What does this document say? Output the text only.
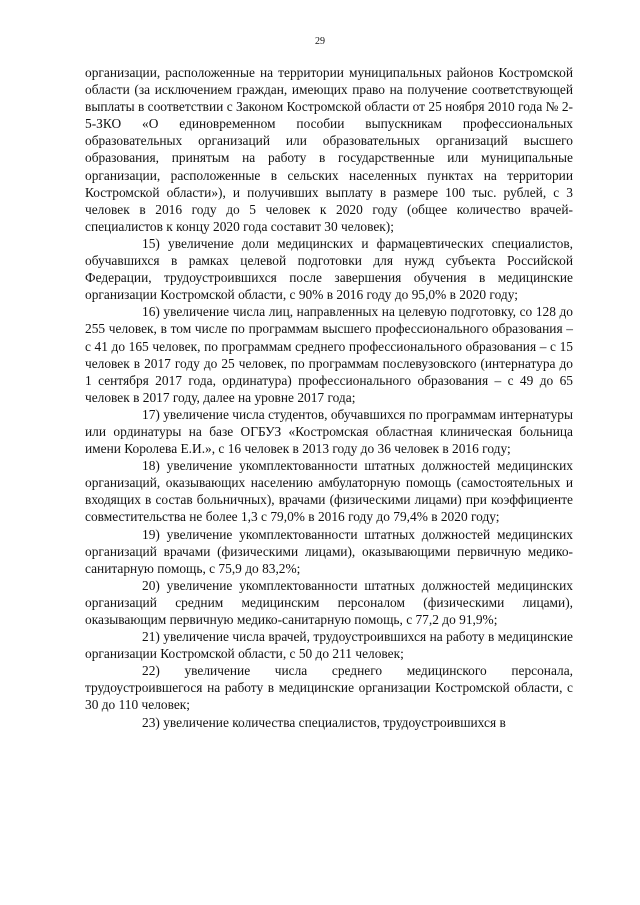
29

организации, расположенные на территории муниципальных районов Костромской области (за исключением граждан, имеющих право на получение соответствующей выплаты в соответствии с Законом Костромской области от 25 ноября 2010 года № 2-5-ЗКО «О единовременном пособии выпускникам профессиональных образовательных организаций или образовательных организаций высшего образования, принятым на работу в государственные или муниципальные организации, расположенные в сельских населенных пунктах на территории Костромской области»), и получивших выплату в размере 100 тыс. рублей, с 3 человек в 2016 году до 5 человек к 2020 году (общее количество врачей-специалистов к концу 2020 года составит 30 человек);

15) увеличение доли медицинских и фармацевтических специалистов, обучавшихся в рамках целевой подготовки для нужд субъекта Российской Федерации, трудоустроившихся после завершения обучения в медицинские организации Костромской области, с 90% в 2016 году до 95,0% в 2020 году;

16) увеличение числа лиц, направленных на целевую подготовку, со 128 до 255 человек, в том числе по программам высшего профессионального образования – с 41 до 165 человек, по программам среднего профессионального образования – с 15 человек в 2017 году до 25 человек, по программам послевузовского (интернатура до 1 сентября 2017 года, ординатура) профессионального образования – с 49 до 65 человек в 2017 году, далее на уровне 2017 года;

17) увеличение числа студентов, обучавшихся по программам интернатуры или ординатуры на базе ОГБУЗ «Костромская областная клиническая больница имени Королева Е.И.», с 16 человек в 2013 году до 36 человек в 2016 году;

18) увеличение укомплектованности штатных должностей медицинских организаций, оказывающих населению амбулаторную помощь (самостоятельных и входящих в состав больничных), врачами (физическими лицами) при коэффициенте совместительства не более 1,3 с 79,0% в 2016 году до 79,4% в 2020 году;

19) увеличение укомплектованности штатных должностей медицинских организаций врачами (физическими лицами), оказывающими первичную медико-санитарную помощь, с 75,9 до 83,2%;

20) увеличение укомплектованности штатных должностей медицинских организаций средним медицинским персоналом (физическими лицами), оказывающим первичную медико-санитарную помощь, с 77,2 до 91,9%;

21) увеличение числа врачей, трудоустроившихся на работу в медицинские организации Костромской области, с 50 до 211 человек;

22) увеличение числа среднего медицинского персонала, трудоустроившегося на работу в медицинские организации Костромской области, с 30 до 110 человек;

23) увеличение количества специалистов, трудоустроившихся в
